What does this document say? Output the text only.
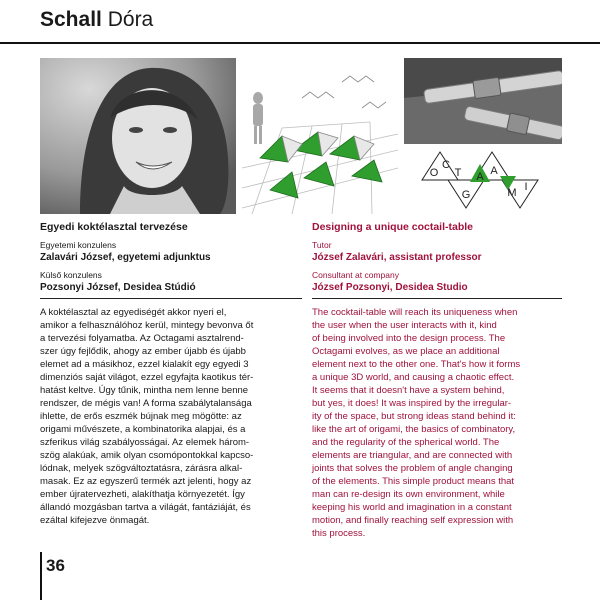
Schall Dóra
O
C
T A
G
A
M I
Egyedi koktélasztal tervezése
Egyetemi konzulens
Zalavári József, egyetemi adjunktus
Külső konzulens
Pozsonyi József, Desidea Stúdió
Designing a unique coctail-table
Tutor
József Zalavári, assistant professor
Consultant at company
József Pozsonyi, Desidea Studio
A koktélasztal az egyediségét akkor nyeri el,
amikor a felhasználóhoz kerül, mintegy bevonva őt
a tervezési folyamatba. Az Octagami asztalrend-
szer úgy fejlődik, ahogy az ember újabb és újabb
elemet ad a másikhoz, ezzel kialakít egy egyedi 3
dimenziós saját világot, ezzel egyfajta kaotikus tér-
hatást keltve. Úgy tűnik, mintha nem lenne benne
rendszer, de mégis van! A forma szabálytalansága
ihlette, de erős eszmék bújnak meg mögötte: az
origami művészete, a kombinatorika alapjai, és a
szferikus világ szabályosságai. Az elemek három-
szög alakúak, amik olyan csomópontokkal kapcso-
lódnak, melyek szögváltoztatásra, zárásra alkal-
masak. Ez az egyszerű termék azt jelenti, hogy az
ember újratervezheti, alakíthatja környezetét. Így
állandó mozgásban tartva a világát, fantáziáját, és
ezáltal kifejezve önmagát.
The cocktail-table will reach its uniqueness when
the user when the user interacts with it, kind
of being involved into the design process. The
Octagami evolves, as we place an additional
element next to the other one. That's how it forms
a unique 3D world, and causing a chaotic effect.
It seems that it doesn't have a system behind,
but yes, it does! It was inspired by the irregular-
ity of the space, but strong ideas stand behind it:
like the art of origami, the basics of combinatory,
and the regularity of the spherical world. The
elements are triangular, and are connected with
joints that solves the problem of angle changing
of the elements. This simple product means that
man can re-design its own environment, while
keeping his world and imagination in a constant
motion, and finally reaching self expression with
this process.
36
